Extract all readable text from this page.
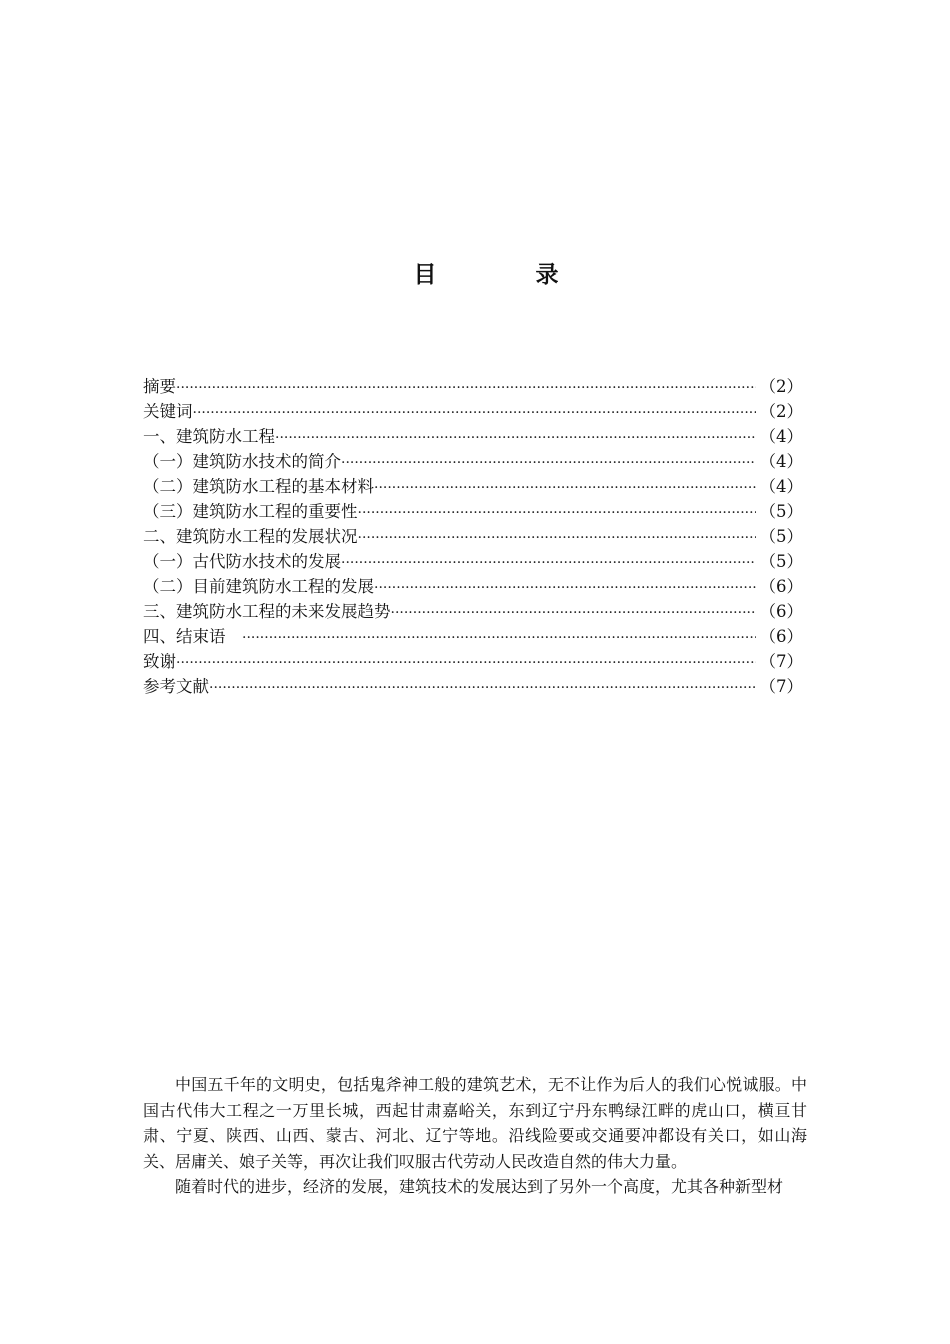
目　录
摘要 ·····	（2）
关键词 ·····	（2）
一、建筑防水工程 ·····	（4）
（一）建筑防水技术的简介 ·····	（4）
（二）建筑防水工程的基本材料 ·····	（4）
（三）建筑防水工程的重要性 ·····	（5）
二、建筑防水工程的发展状况 ·····	（5）
（一）古代防水技术的发展 ·····	（5）
（二）目前建筑防水工程的发展 ·····	（6）
三、建筑防水工程的未来发展趋势 ·····	（6）
四、结束语　 ·····	（6）
致谢 ·····	（7）
参考文献 ·····	（7）

中国五千年的文明史，包括鬼斧神工般的建筑艺术，无不让作为后人的我们心悦诚服。中国古代伟大工程之一万里长城，西起甘肃嘉峪关，东到辽宁丹东鸭绿江畔的虎山口，横亘甘肃、宁夏、陕西、山西、蒙古、河北、辽宁等地。沿线险要或交通要冲都设有关口，如山海关、居庸关、娘子关等，再次让我们叹服古代劳动人民改造自然的伟大力量。

随着时代的进步，经济的发展，建筑技术的发展达到了另外一个高度，尤其各种新型材
